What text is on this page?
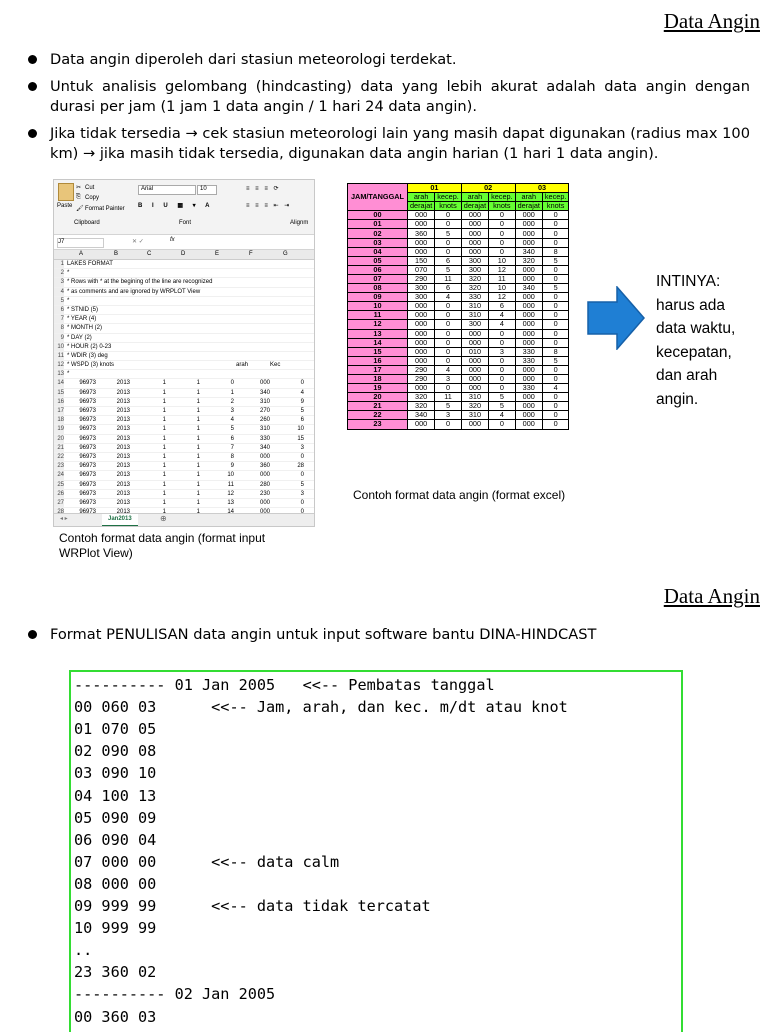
Data Angin
Data angin diperoleh dari stasiun meteorologi terdekat.
Untuk analisis gelombang (hindcasting) data yang lebih akurat adalah data angin dengan durasi per jam (1 jam 1 data angin / 1 hari 24 data angin).
Jika tidak tersedia → cek stasiun meteorologi lain yang masih dapat digunakan (radius max 100 km) → jika masih tidak tersedia, digunakan data angin harian (1 hari 1 data angin).
Paste
✂ Cut
⎘ Copy
🖌 Format Painter
Clipboard
Arial	10
B I U ▦ ▾ A
Font
≡ ≡ ≡ ⟳
≡ ≡ ≡ ⇤ ⇥
Alignm
J7	✕ ✓	fx
A	B	C	D	E	F	G
1 LAKES FORMAT
2 *
3 * Rows with * at the begining of the line are recognized
4 * as comments and are ignored by WRPLOT View
5 *
6 * STNID (5)
7 * YEAR (4)
8 * MONTH (2)
9 * DAY (2)
10 * HOUR (2) 0-23
11 * WDIR (3) deg
12 * WSPD (3) knots	arah	Kec
13 *
14	96973	2013	1	1	0	000	0
15	96973	2013	1	1	1	340	4
16	96973	2013	1	1	2	310	9
17	96973	2013	1	1	3	270	5
18	96973	2013	1	1	4	260	6
19	96973	2013	1	1	5	310	10
20	96973	2013	1	1	6	330	15
21	96973	2013	1	1	7	340	3
22	96973	2013	1	1	8	000	0
23	96973	2013	1	1	9	360	28
24	96973	2013	1	1	10	000	0
25	96973	2013	1	1	11	280	5
26	96973	2013	1	1	12	230	3
27	96973	2013	1	1	13	000	0
◂ ▸	Jan2013	⊕
Contoh format data angin (format input WRPlot View)
JAM/TANGGAL	01		02		03	
	arah	kecep.	arah	kecep.	arah	kecep.
	derajat	knots	derajat	knots	derajat	knots
00	000	0	000	0	000	0
01	000	0	000	0	000	0
02	360	5	000	0	000	0
03	000	0	000	0	000	0
04	000	0	000	0	340	8
05	150	6	300	10	320	5
06	070	5	300	12	000	0
07	290	11	320	11	000	0
08	300	6	320	10	340	5
09	300	4	330	12	000	0
10	000	0	310	6	000	0
11	000	0	310	4	000	0
12	000	0	300	4	000	0
13	000	0	000	0	000	0
14	000	0	000	0	000	0
15	000	0	010	3	330	8
16	000	0	000	0	330	5
17	290	4	000	0	000	0
18	290	3	000	0	000	0
19	000	0	000	0	330	4
20	320	11	310	5	000	0
21	320	5	320	5	000	0
22	340	3	310	4	000	0
23	000	0	000	0	000	0
Contoh format data angin (format excel)
INTINYA:
harus ada
data waktu,
kecepatan,
dan arah
angin.
Data Angin
Format PENULISAN data angin untuk input software bantu DINA-HINDCAST
---------- 01 Jan 2005   <<-- Pembatas tanggal
00 060 03      <<-- Jam, arah, dan kec. m/dt atau knot
01 070 05
02 090 08
03 090 10
04 100 13
05 090 09
06 090 04
07 000 00      <<-- data calm
08 000 00
09 999 99      <<-- data tidak tercatat
10 999 99
..
23 360 02
---------- 02 Jan 2005
00 360 03
